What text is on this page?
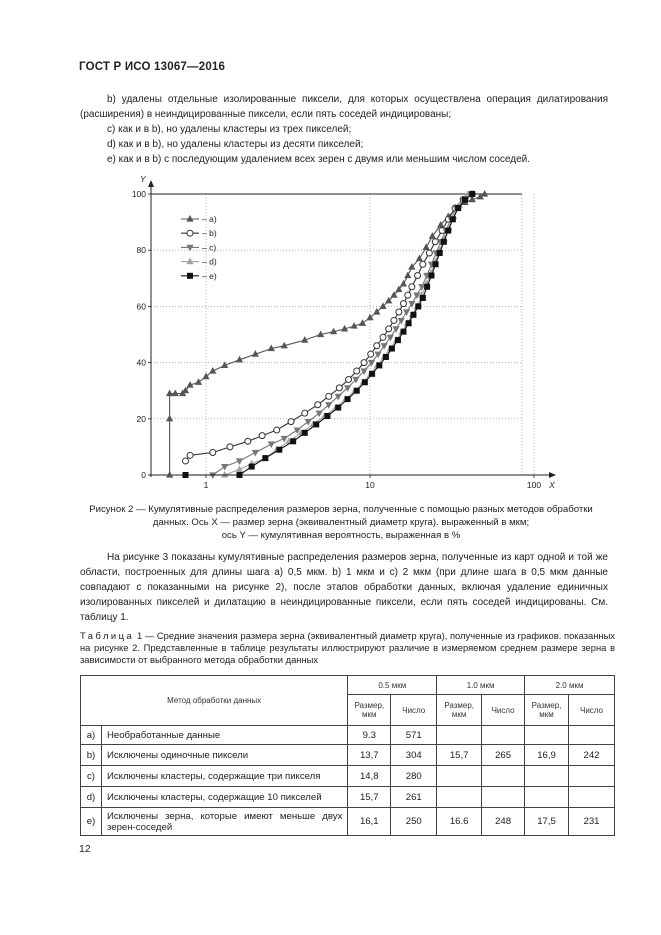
ГОСТ Р ИСО 13067—2016

b) удалены отдельные изолированные пиксели, для которых осуществлена операция дилатирования (расширения) в неиндицированные пиксели, если пять соседей индицированы;

c) как и в b), но удалены кластеры из трех пикселей;

d) как и в b), но удалены кластеры из десяти пикселей;

e) как и в b) с последующим удалением всех зерен с двумя или меньшим числом соседей.

0
20
40
60
80
100
1	10	100
Y
X
– a)
– b)
– c)
– d)
– e)
Рисунок 2 — Кумулятивные распределения размеров зерна, полученные с помощью разных методов обработки
данных. Ось X — размер зерна (эквивалентный диаметр круга). выраженный в мкм;
ось Y — кумулятивная вероятность, выраженная в %

На рисунке 3 показаны кумулятивные распределения размеров зерна, полученные из карт одной и той же области, построенных для длины шага a) 0,5 мкм. b) 1 мкм и c) 2 мкм (при длине шага в 0,5 мкм данные совпадают с показанными на рисунке 2), после этапов обработки данных, включая удаление единичных изолированных пикселей и дилатацию в неиндицированные пиксели, если пять соседей индицированы. См. таблицу 1.

Таблица 1 — Средние значения размера зерна (эквивалентный диаметр круга), полученные из графиков. показанных на рисунке 2. Представленные в таблице результаты иллюстрируют различие в измеряемом среднем размере зерна в зависимости от выбранного метода обработки данных
Метод обработки данных		0.5 мкм		1.0 мкм		2.0 мкм	
		Размер, мкм	Число	Размер, мкм	Число	Размер, мкм	Число
a)	Необработанные данные	9.3	571				
b)	Исключены одиночные пиксели	13,7	304	15,7	265	16,9	242
c)	Исключены кластеры, содержащие три пикселя	14,8	280				
d)	Исключены кластеры, содержащие 10 пикселей	15,7	261				
e)	Исключены зерна, которые имеют меньше двух зерен-соседей	16,1	250	16.6	248	17,5	231
12
